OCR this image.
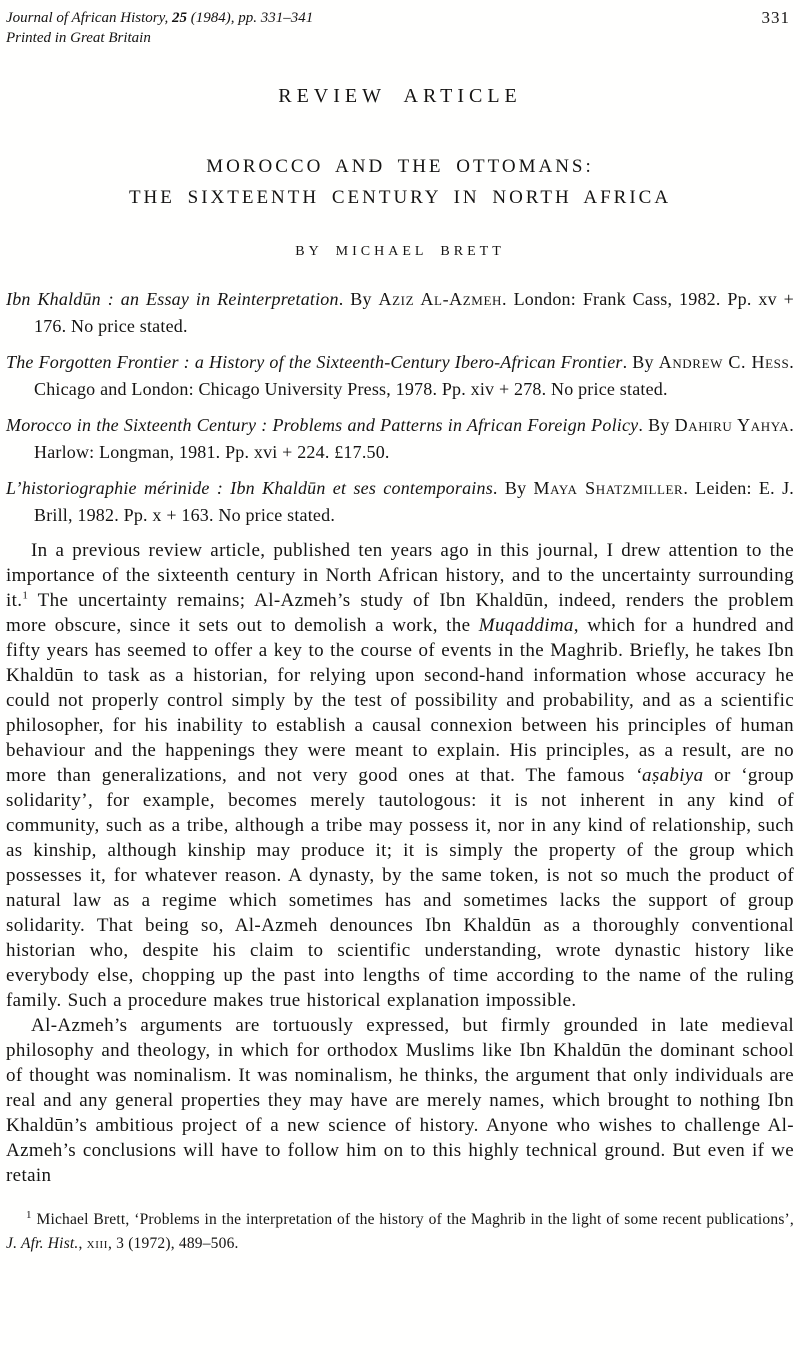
Journal of African History, 25 (1984), pp. 331–341
Printed in Great Britain
331
REVIEW ARTICLE
MOROCCO AND THE OTTOMANS:
THE SIXTEENTH CENTURY IN NORTH AFRICA
BY MICHAEL BRETT

Ibn Khaldūn : an Essay in Reinterpretation. By Aziz Al-Azmeh. London: Frank Cass, 1982. Pp. xv + 176. No price stated.

The Forgotten Frontier : a History of the Sixteenth-Century Ibero-African Frontier. By Andrew C. Hess. Chicago and London: Chicago University Press, 1978. Pp. xiv + 278. No price stated.

Morocco in the Sixteenth Century : Problems and Patterns in African Foreign Policy. By Dahiru Yahya. Harlow: Longman, 1981. Pp. xvi + 224. £17.50.

L’historiographie mérinide : Ibn Khaldūn et ses contemporains. By Maya Shatzmiller. Leiden: E. J. Brill, 1982. Pp. x + 163. No price stated.

In a previous review article, published ten years ago in this journal, I drew attention to the importance of the sixteenth century in North African history, and to the uncertainty surrounding it.$^1$ The uncertainty remains; Al-Azmeh’s study of Ibn Khaldūn, indeed, renders the problem more obscure, since it sets out to demolish a work, the Muqaddima, which for a hundred and fifty years has seemed to offer a key to the course of events in the Maghrib. Briefly, he takes Ibn Khaldūn to task as a historian, for relying upon second-hand information whose accuracy he could not properly control simply by the test of possibility and probability, and as a scientific philosopher, for his inability to establish a causal connexion between his principles of human behaviour and the happenings they were meant to explain. His principles, as a result, are no more than generalizations, and not very good ones at that. The famous ‘aṣabiya or ‘group solidarity’, for example, becomes merely tautologous: it is not inherent in any kind of community, such as a tribe, although a tribe may possess it, nor in any kind of relationship, such as kinship, although kinship may produce it; it is simply the property of the group which possesses it, for whatever reason. A dynasty, by the same token, is not so much the product of natural law as a regime which sometimes has and sometimes lacks the support of group solidarity. That being so, Al-Azmeh denounces Ibn Khaldūn as a thoroughly conventional historian who, despite his claim to scientific understanding, wrote dynastic history like everybody else, chopping up the past into lengths of time according to the name of the ruling family. Such a procedure makes true historical explanation impossible.

Al-Azmeh’s arguments are tortuously expressed, but firmly grounded in late medieval philosophy and theology, in which for orthodox Muslims like Ibn Khaldūn the dominant school of thought was nominalism. It was nominalism, he thinks, the argument that only individuals are real and any general properties they may have are merely names, which brought to nothing Ibn Khaldūn’s ambitious project of a new science of history. Anyone who wishes to challenge Al-Azmeh’s conclusions will have to follow him on to this highly technical ground. But even if we retain

$^1$ Michael Brett, ‘Problems in the interpretation of the history of the Maghrib in the light of some recent publications’, J. Afr. Hist., xiii, 3 (1972), 489–506.
